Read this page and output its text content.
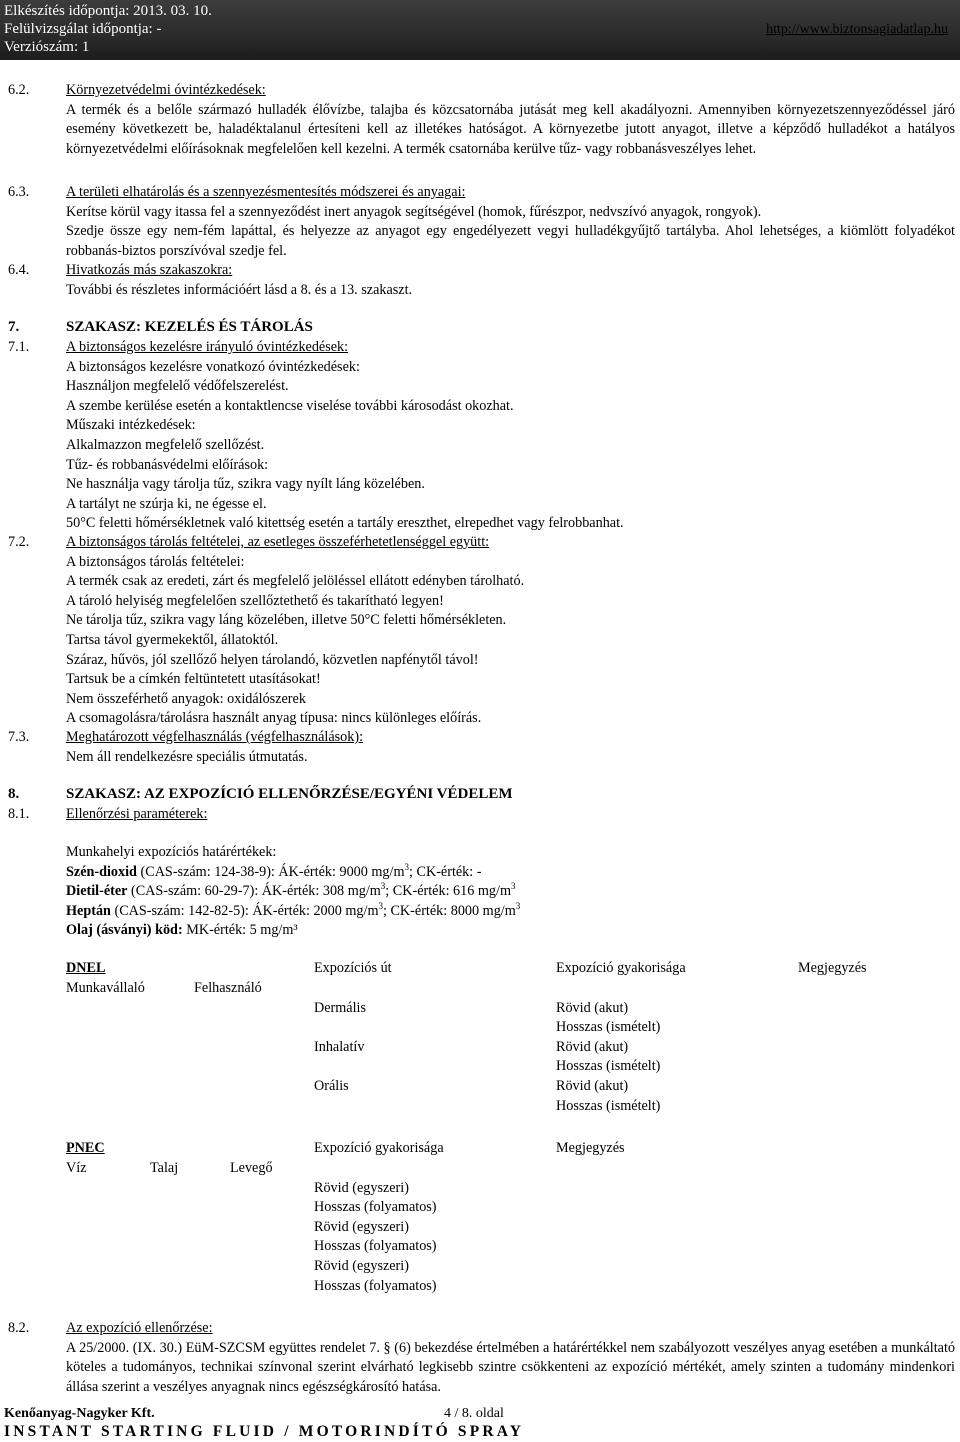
Elkészítés időpontja: 2013. 03. 10.
Felülvizsgálat időpontja: -
Verziószám: 1
http://www.biztonsagiadatlap.hu
6.2.	Környezetvédelmi óvintézkedések:
A termék és a belőle származó hulladék élővízbe, talajba és közcsatornába jutását meg kell akadályozni. Amennyiben környezetszennyeződéssel járó esemény következett be, haladéktalanul értesíteni kell az illetékes hatóságot. A környezetbe jutott anyagot, illetve a képződő hulladékot a hatályos környezetvédelmi előírásoknak megfelelően kell kezelni. A termék csatornába kerülve tűz- vagy robbanásveszélyes lehet.
6.3.	A területi elhatárolás és a szennyezésmentesítés módszerei és anyagai:
Kerítse körül vagy itassa fel a szennyeződést inert anyagok segítségével (homok, fűrészpor, nedvszívó anyagok, rongyok).
Szedje össze egy nem-fém lapáttal, és helyezze az anyagot egy engedélyezett vegyi hulladékgyűjtő tartályba. Ahol lehetséges, a kiömlött folyadékot robbanás-biztos porszívóval szedje fel.
6.4.	Hivatkozás más szakaszokra:
További és részletes információért lásd a 8. és a 13. szakaszt.
7.	SZAKASZ: KEZELÉS ÉS TÁROLÁS
7.1.	A biztonságos kezelésre irányuló óvintézkedések:
A biztonságos kezelésre vonatkozó óvintézkedések:
Használjon megfelelő védőfelszerelést.
A szembe kerülése esetén a kontaktlencse viselése további károsodást okozhat.
Műszaki intézkedések:
Alkalmazzon megfelelő szellőzést.
Tűz- és robbanásvédelmi előírások:
Ne használja vagy tárolja tűz, szikra vagy nyílt láng közelében.
A tartályt ne szúrja ki, ne égesse el.
50°C feletti hőmérsékletnek való kitettség esetén a tartály ereszthet, elrepedhet vagy felrobbanhat.
7.2.	A biztonságos tárolás feltételei, az esetleges összeférhetetlenséggel együtt:
A biztonságos tárolás feltételei:
A termék csak az eredeti, zárt és megfelelő jelöléssel ellátott edényben tárolható.
A tároló helyiség megfelelően szellőztethető és takarítható legyen!
Ne tárolja tűz, szikra vagy láng közelében, illetve 50°C feletti hőmérsékleten.
Tartsa távol gyermekektől, állatoktól.
Száraz, hűvös, jól szellőző helyen tárolandó, közvetlen napfénytől távol!
Tartsuk be a címkén feltüntetett utasításokat!
Nem összeférhető anyagok: oxidálószerek
A csomagolásra/tárolásra használt anyag típusa: nincs különleges előírás.
7.3.	Meghatározott végfelhasználás (végfelhasználások):
Nem áll rendelkezésre speciális útmutatás.
8.	SZAKASZ: AZ EXPOZÍCIÓ ELLENŐRZÉSE/EGYÉNI VÉDELEM
8.1.	Ellenőrzési paraméterek:
Munkahelyi expozíciós határértékek:
Szén-dioxid (CAS-szám: 124-38-9): ÁK-érték: 9000 $mg/m^3$; CK-érték: -
Dietil-éter (CAS-szám: 60-29-7): ÁK-érték: 308 $mg/m^3$; CK-érték: 616 $mg/m^3$
Heptán (CAS-szám: 142-82-5): ÁK-érték: 2000 $mg/m^3$; CK-érték: 8000 $mg/m^3$
Olaj (ásványi) köd: MK-érték: 5 mg/m³
DNEL		Expozíciós út	Expozíció gyakorisága	Megjegyzés
Munkavállaló	Felhasználó			
		Dermális	Rövid (akut)
Hosszas (ismételt)	

		Inhalatív	Rövid (akut)
Hosszas (ismételt)	

		Orális	Rövid (akut)
Hosszas (ismételt)	

PNEC			Expozíció gyakorisága	Megjegyzés
Víz	Talaj	Levegő		

			Rövid (egyszeri)
Hosszas (folyamatos)	

			Rövid (egyszeri)
Hosszas (folyamatos)	

			Rövid (egyszeri)
Hosszas (folyamatos)	

8.2.	Az expozíció ellenőrzése:
A 25/2000. (IX. 30.) EüM-SZCSM együttes rendelet 7. § (6) bekezdése értelmében a határértékkel nem szabályozott veszélyes anyag esetében a munkáltató köteles a tudományos, technikai színvonal szerint elvárható legkisebb szintre csökkenteni az expozíció mértékét, amely szinten a tudomány mindenkori állása szerint a veszélyes anyagnak nincs egészségkárosító hatása.
Kenőanyag-Nagyker Kft.	4 / 8. oldal
INSTANT STARTING FLUID / MOTORINDÍTÓ SPRAY
